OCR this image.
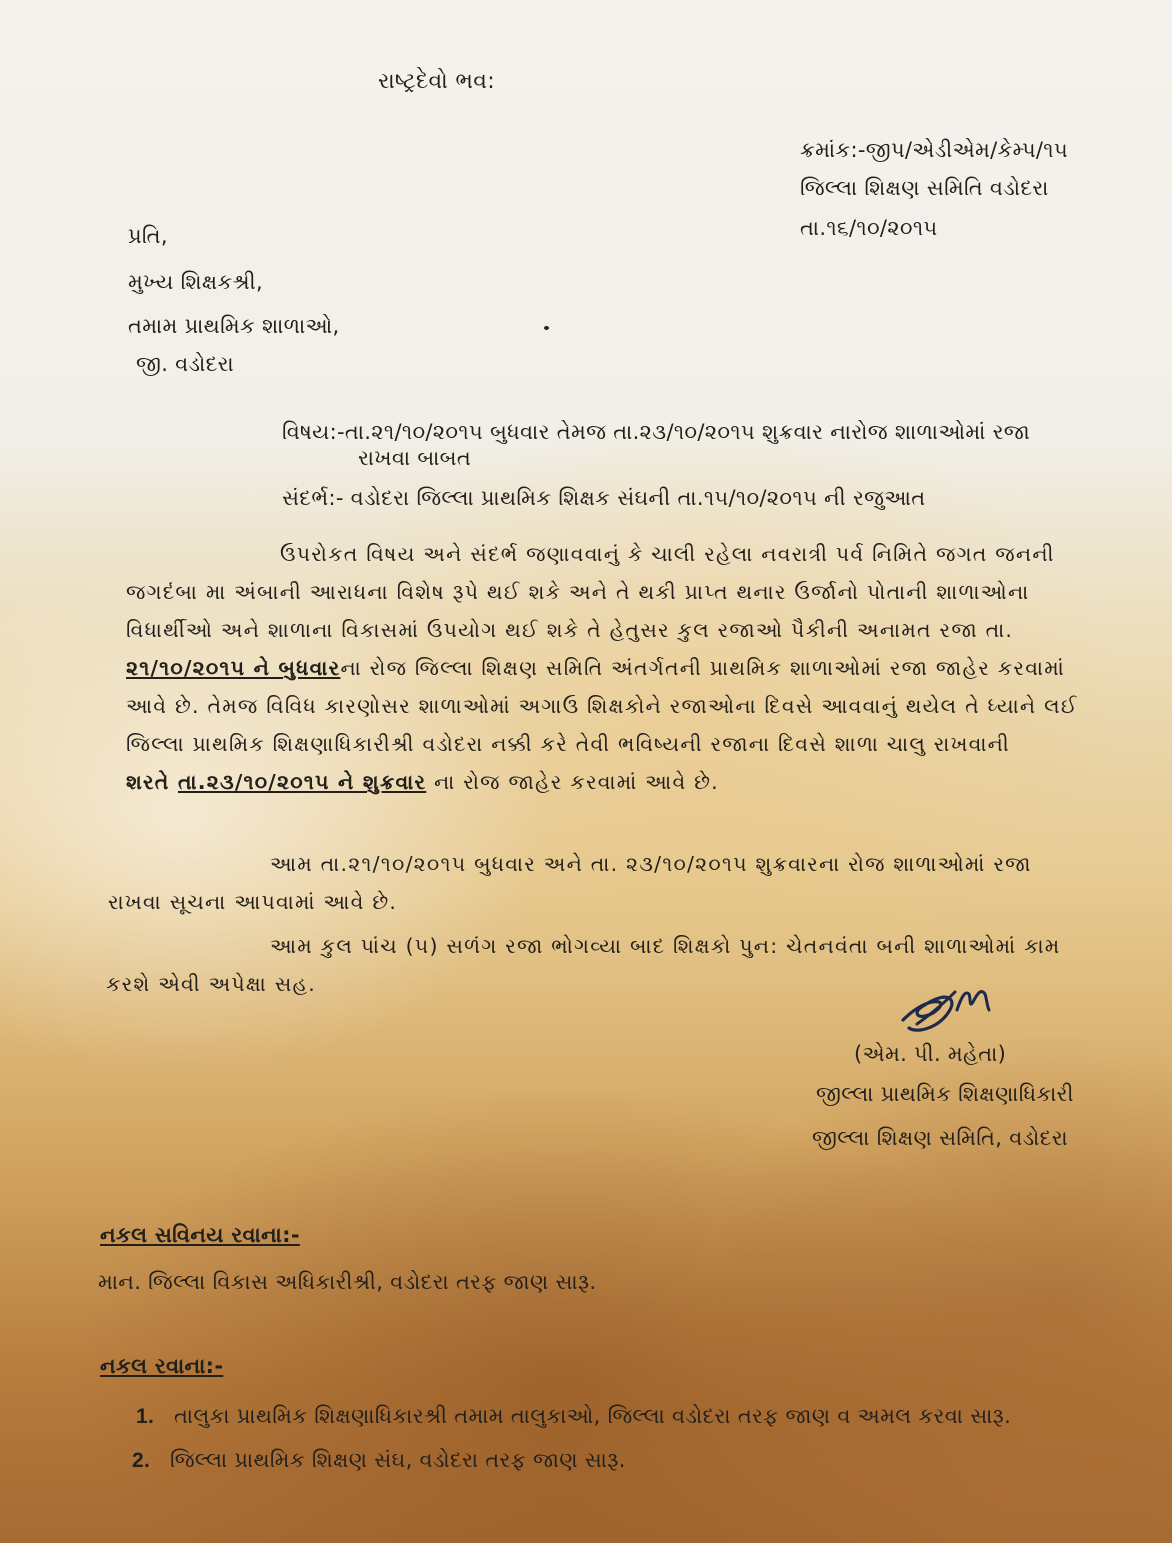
રાષ્ટ્રદેવો ભવ:
ક્રમાંક:-જીપ/એડીએમ/કેમ્પ/૧૫
જિલ્લા શિક્ષણ સમિતિ વડોદરા
તા.૧૬/૧૦/૨૦૧૫
પ્રતિ,
મુખ્ય શિક્ષકશ્રી,
તમામ પ્રાથમિક શાળાઓ,
જી. વડોદરા
વિષય:-તા.૨૧/૧૦/૨૦૧૫ બુધવાર તેમજ તા.૨૩/૧૦/૨૦૧૫ શુક્રવાર નારોજ શાળાઓમાં રજા
રાખવા બાબત
સંદર્ભ:- વડોદરા જિલ્લા પ્રાથમિક શિક્ષક સંઘની તા.૧૫/૧૦/૨૦૧૫ ની રજુઆત
ઉપરોકત વિષય અને સંદર્ભ જણાવવાનું કે ચાલી રહેલા નવરાત્રી પર્વ નિમિતે જગત જનની
જગદંબા મા અંબાની આરાધના વિશેષ રૂપે થઈ શકે અને તે થકી પ્રાપ્ત થનાર ઉર્જાનો પોતાની શાળાઓના
વિધાર્થીઓ અને શાળાના વિકાસમાં ઉપયોગ થઈ શકે તે હેતુસર કુલ રજાઓ પૈકીની અનામત રજા તા.
૨૧/૧૦/૨૦૧૫ ને બુધવારના રોજ જિલ્લા શિક્ષણ સમિતિ અંતર્ગતની પ્રાથમિક શાળાઓમાં રજા જાહેર કરવામાં
આવે છે. તેમજ વિવિધ કારણોસર શાળાઓમાં અગાઉ શિક્ષકોને રજાઓના દિવસે આવવાનું થયેલ તે ધ્યાને લઈ
જિલ્લા પ્રાથમિક શિક્ષણાધિકારીશ્રી વડોદરા નક્કી કરે તેવી ભવિષ્યની રજાના દિવસે શાળા ચાલુ રાખવાની
શરતે તા.૨૩/૧૦/૨૦૧૫ ને શુક્રવાર ના રોજ જાહેર કરવામાં આવે છે.
આમ તા.૨૧/૧૦/૨૦૧૫ બુધવાર અને તા. ૨૩/૧૦/૨૦૧૫ શુક્રવારના રોજ શાળાઓમાં રજા
રાખવા સૂચના આપવામાં આવે છે.
આમ કુલ પાંચ (૫) સળંગ રજા ભોગવ્યા બાદ શિક્ષકો પુન: ચેતનવંતા બની શાળાઓમાં કામ
કરશે એવી અપેક્ષા સહ.
(એમ. પી. મહેતા)
જીલ્લા પ્રાથમિક શિક્ષણાધિકારી
જીલ્લા શિક્ષણ સમિતિ, વડોદરા
નકલ સવિનય રવાના:-
માન. જિલ્લા વિકાસ અધિકારીશ્રી, વડોદરા તરફ જાણ સારૂ.
નકલ રવાના:-
1. તાલુકા પ્રાથમિક શિક્ષણાધિકારશ્રી તમામ તાલુકાઓ, જિલ્લા વડોદરા તરફ જાણ વ અમલ કરવા સારૂ.
2. જિલ્લા પ્રાથમિક શિક્ષણ સંઘ, વડોદરા તરફ જાણ સારૂ.
